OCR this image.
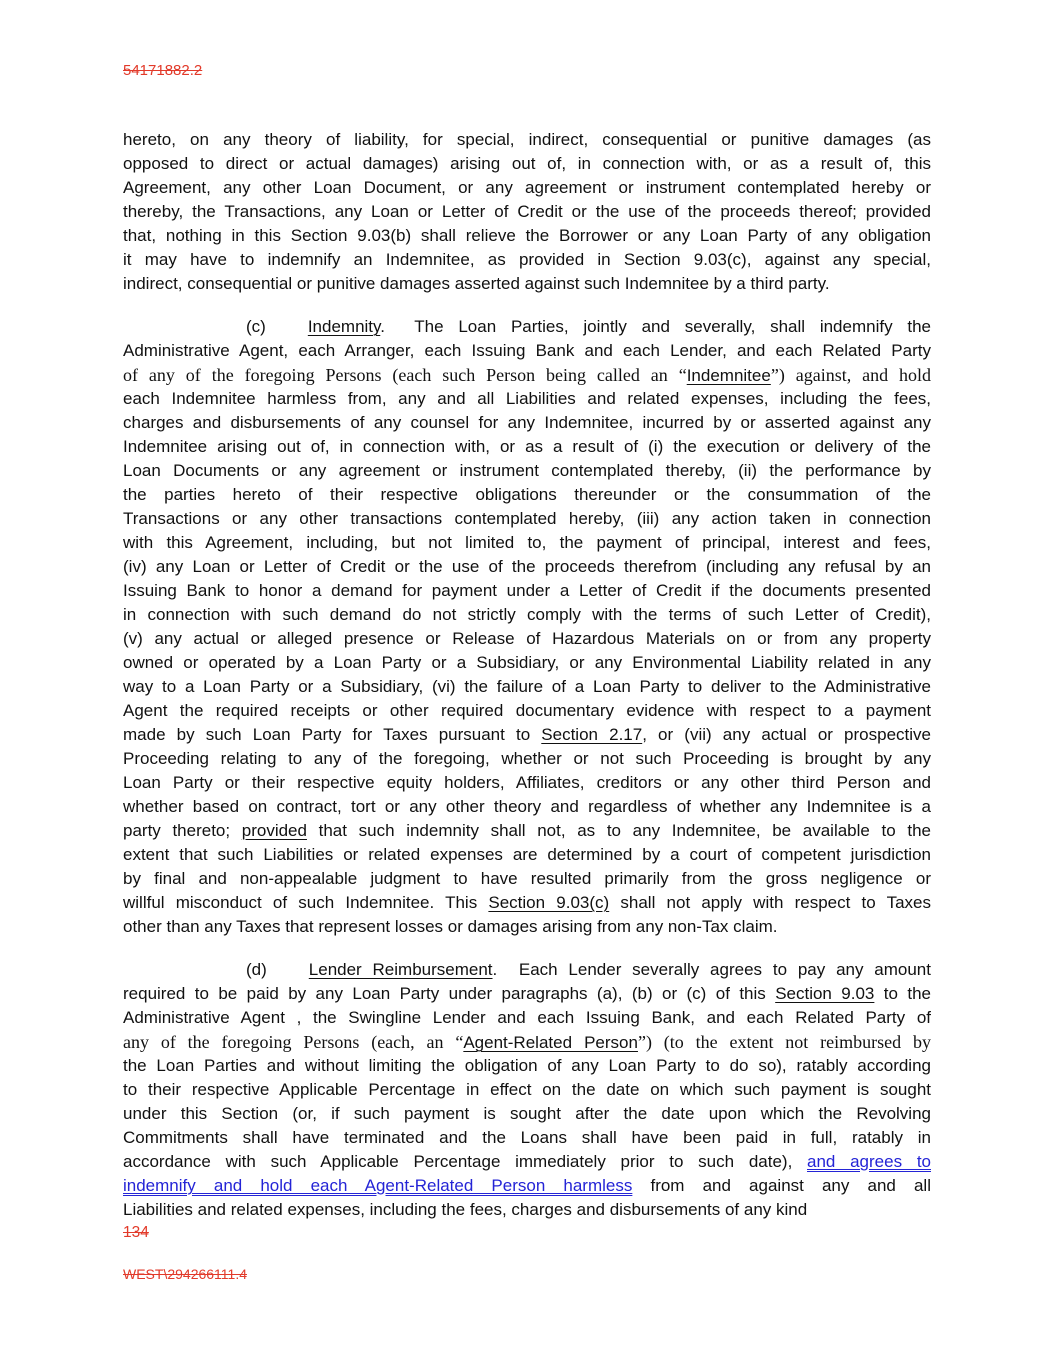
54171882.2
hereto, on any theory of liability, for special, indirect, consequential or punitive damages (as
opposed to direct or actual damages) arising out of, in connection with, or as a result of, this
Agreement, any other Loan Document, or any agreement or instrument contemplated hereby or
thereby, the Transactions, any Loan or Letter of Credit or the use of the proceeds thereof; provided
that, nothing in this Section 9.03(b) shall relieve the Borrower or any Loan Party of any obligation
it may have to indemnify an Indemnitee, as provided in Section 9.03(c), against any special,
indirect, consequential or punitive damages asserted against such Indemnitee by a third party.
(c) Indemnity.  The Loan Parties, jointly and severally, shall indemnify the
Administrative Agent, each Arranger, each Issuing Bank and each Lender, and each Related Party
of any of the foregoing Persons (each such Person being called an “Indemnitee”) against, and hold
each Indemnitee harmless from, any and all Liabilities and related expenses, including the fees,
charges and disbursements of any counsel for any Indemnitee, incurred by or asserted against any
Indemnitee arising out of, in connection with, or as a result of (i) the execution or delivery of the
Loan Documents or any agreement or instrument contemplated thereby, (ii) the performance by
the parties hereto of their respective obligations thereunder or the consummation of the
Transactions or any other transactions contemplated hereby, (iii) any action taken in connection
with this Agreement, including, but not limited to, the payment of principal, interest and fees,
(iv) any Loan or Letter of Credit or the use of the proceeds therefrom (including any refusal by an
Issuing Bank to honor a demand for payment under a Letter of Credit if the documents presented
in connection with such demand do not strictly comply with the terms of such Letter of Credit),
(v) any actual or alleged presence or Release of Hazardous Materials on or from any property
owned or operated by a Loan Party or a Subsidiary, or any Environmental Liability related in any
way to a Loan Party or a Subsidiary, (vi) the failure of a Loan Party to deliver to the Administrative
Agent the required receipts or other required documentary evidence with respect to a payment
made by such Loan Party for Taxes pursuant to Section 2.17, or (vii) any actual or prospective
Proceeding relating to any of the foregoing, whether or not such Proceeding is brought by any
Loan Party or their respective equity holders, Affiliates, creditors or any other third Person and
whether based on contract, tort or any other theory and regardless of whether any Indemnitee is a
party thereto; provided that such indemnity shall not, as to any Indemnitee, be available to the
extent that such Liabilities or related expenses are determined by a court of competent jurisdiction
by final and non-appealable judgment to have resulted primarily from the gross negligence or
willful misconduct of such Indemnitee. This Section 9.03(c) shall not apply with respect to Taxes
other than any Taxes that represent losses or damages arising from any non-Tax claim.
(d) Lender Reimbursement.  Each Lender severally agrees to pay any amount
required to be paid by any Loan Party under paragraphs (a), (b) or (c) of this Section 9.03 to the
Administrative Agent , the Swingline Lender and each Issuing Bank, and each Related Party of
any of the foregoing Persons (each, an “Agent-Related Person”) (to the extent not reimbursed by
the Loan Parties and without limiting the obligation of any Loan Party to do so), ratably according
to their respective Applicable Percentage in effect on the date on which such payment is sought
under this Section (or, if such payment is sought after the date upon which the Revolving
Commitments shall have terminated and the Loans shall have been paid in full, ratably in
accordance with such Applicable Percentage immediately prior to such date), and agrees to
indemnify and hold each Agent-Related Person harmless from and against any and all
Liabilities and related expenses, including the fees, charges and disbursements of any kind
134
WEST\294266111.4
